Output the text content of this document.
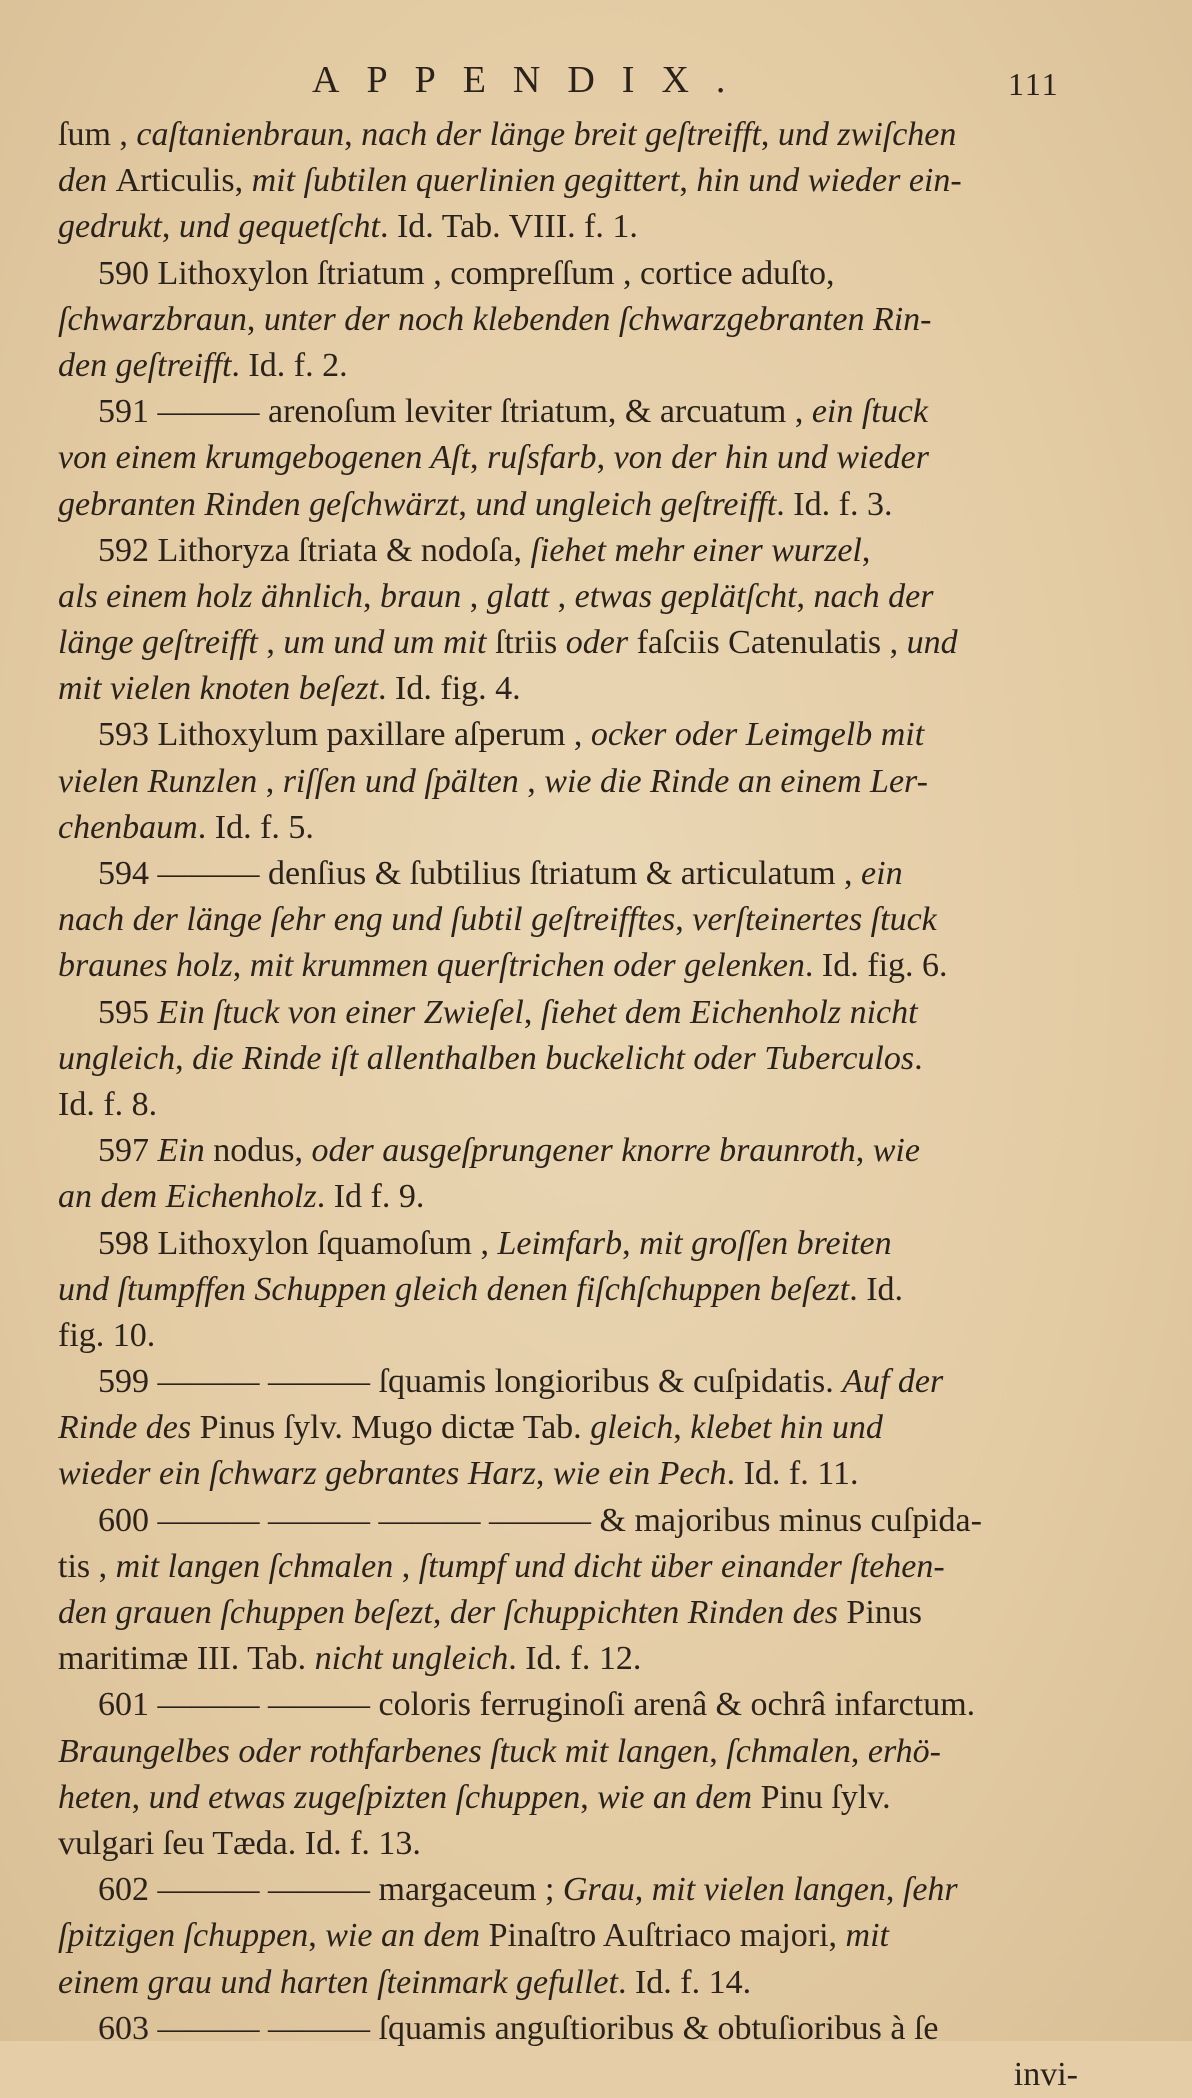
APPENDIX.	111
ſum , caſtanienbraun, nach der länge breit geſtreifft, und zwiſchen
den Articulis, mit ſubtilen querlinien gegittert, hin und wieder ein-
gedrukt, und gequetſcht. Id. Tab. VIII. f. 1.
590 Lithoxylon ſtriatum , compreſſum , cortice aduſto,
ſchwarzbraun, unter der noch klebenden ſchwarzgebranten Rin-
den geſtreifft. Id. f. 2.
591 ——— arenoſum leviter ſtriatum, & arcuatum , ein ſtuck
von einem krumgebogenen Aſt, ruſsfarb, von der hin und wieder
gebranten Rinden geſchwärzt, und ungleich geſtreifft. Id. f. 3.
592 Lithoryza ſtriata & nodoſa, ſiehet mehr einer wurzel,
als einem holz ähnlich, braun , glatt , etwas geplätſcht, nach der
länge geſtreifft , um und um mit ſtriis oder faſciis Catenulatis , und
mit vielen knoten beſezt. Id. fig. 4.
593 Lithoxylum paxillare aſperum , ocker oder Leimgelb mit
vielen Runzlen , riſſen und ſpälten , wie die Rinde an einem Ler-
chenbaum. Id. f. 5.
594 ——— denſius & ſubtilius ſtriatum & articulatum , ein
nach der länge ſehr eng und ſubtil geſtreifftes, verſteinertes ſtuck
braunes holz, mit krummen querſtrichen oder gelenken. Id. fig. 6.
595 Ein ſtuck von einer Zwieſel, ſiehet dem Eichenholz nicht
ungleich, die Rinde iſt allenthalben buckelicht oder Tuberculos.
Id. f. 8.
597 Ein nodus, oder ausgeſprungener knorre braunroth, wie
an dem Eichenholz. Id f. 9.
598 Lithoxylon ſquamoſum , Leimfarb, mit groſſen breiten
und ſtumpffen Schuppen gleich denen fiſchſchuppen beſezt. Id.
fig. 10.
599 ——— ——— ſquamis longioribus & cuſpidatis. Auf der
Rinde des Pinus ſylv. Mugo dictæ Tab. gleich, klebet hin und
wieder ein ſchwarz gebrantes Harz, wie ein Pech. Id. f. 11.
600 ——— ——— ——— ——— & majoribus minus cuſpida-
tis , mit langen ſchmalen , ſtumpf und dicht über einander ſtehen-
den grauen ſchuppen beſezt, der ſchuppichten Rinden des Pinus
maritimæ III. Tab. nicht ungleich. Id. f. 12.
601 ——— ——— coloris ferruginoſi arenâ & ochrâ infarctum.
Braungelbes oder rothfarbenes ſtuck mit langen, ſchmalen, erhö-
heten, und etwas zugeſpizten ſchuppen, wie an dem Pinu ſylv.
vulgari ſeu Tæda. Id. f. 13.
602 ——— ——— margaceum ; Grau, mit vielen langen, ſehr
ſpitzigen ſchuppen, wie an dem Pinaſtro Auſtriaco majori, mit
einem grau und harten ſteinmark gefullet. Id. f. 14.
603 ——— ——— ſquamis anguſtioribus & obtuſioribus à ſe
invi-
